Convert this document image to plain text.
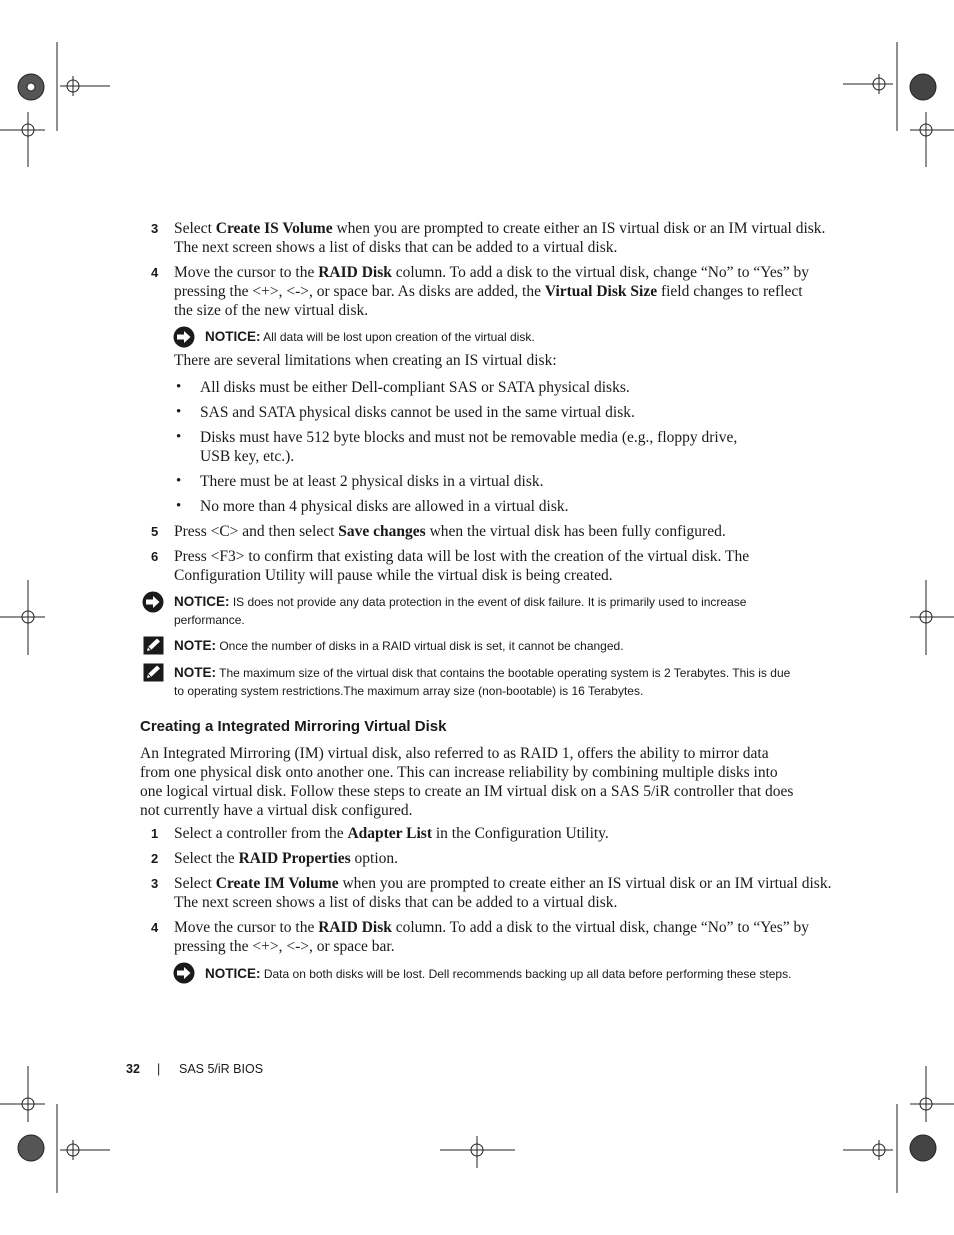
3 Select Create IS Volume when you are prompted to create either an IS virtual disk or an IM virtual disk.
The next screen shows a list of disks that can be added to a virtual disk.
4 Move the cursor to the RAID Disk column. To add a disk to the virtual disk, change “No” to “Yes” by
pressing the <+>, <->, or space bar. As disks are added, the Virtual Disk Size field changes to reflect
the size of the new virtual disk.
NOTICE: All data will be lost upon creation of the virtual disk.
There are several limitations when creating an IS virtual disk:
• All disks must be either Dell-compliant SAS or SATA physical disks.
• SAS and SATA physical disks cannot be used in the same virtual disk.
• Disks must have 512 byte blocks and must not be removable media (e.g., floppy drive,
USB key, etc.).
• There must be at least 2 physical disks in a virtual disk.
• No more than 4 physical disks are allowed in a virtual disk.
5 Press <C> and then select Save changes when the virtual disk has been fully configured.
6 Press <F3> to confirm that existing data will be lost with the creation of the virtual disk. The
Configuration Utility will pause while the virtual disk is being created.
NOTICE: IS does not provide any data protection in the event of disk failure. It is primarily used to increase
performance.
NOTE: Once the number of disks in a RAID virtual disk is set, it cannot be changed.
NOTE: The maximum size of the virtual disk that contains the bootable operating system is 2 Terabytes. This is due
to operating system restrictions.The maximum array size (non-bootable) is 16 Terabytes.
Creating a Integrated Mirroring Virtual Disk
An Integrated Mirroring (IM) virtual disk, also referred to as RAID 1, offers the ability to mirror data
from one physical disk onto another one. This can increase reliability by combining multiple disks into
one logical virtual disk. Follow these steps to create an IM virtual disk on a SAS 5/iR controller that does
not currently have a virtual disk configured.
1 Select a controller from the Adapter List in the Configuration Utility.
2 Select the RAID Properties option.
3 Select Create IM Volume when you are prompted to create either an IS virtual disk or an IM virtual disk.
The next screen shows a list of disks that can be added to a virtual disk.
4 Move the cursor to the RAID Disk column. To add a disk to the virtual disk, change “No” to “Yes” by
pressing the <+>, <->, or space bar.
NOTICE: Data on both disks will be lost. Dell recommends backing up all data before performing these steps.
32 | SAS 5/iR BIOS
